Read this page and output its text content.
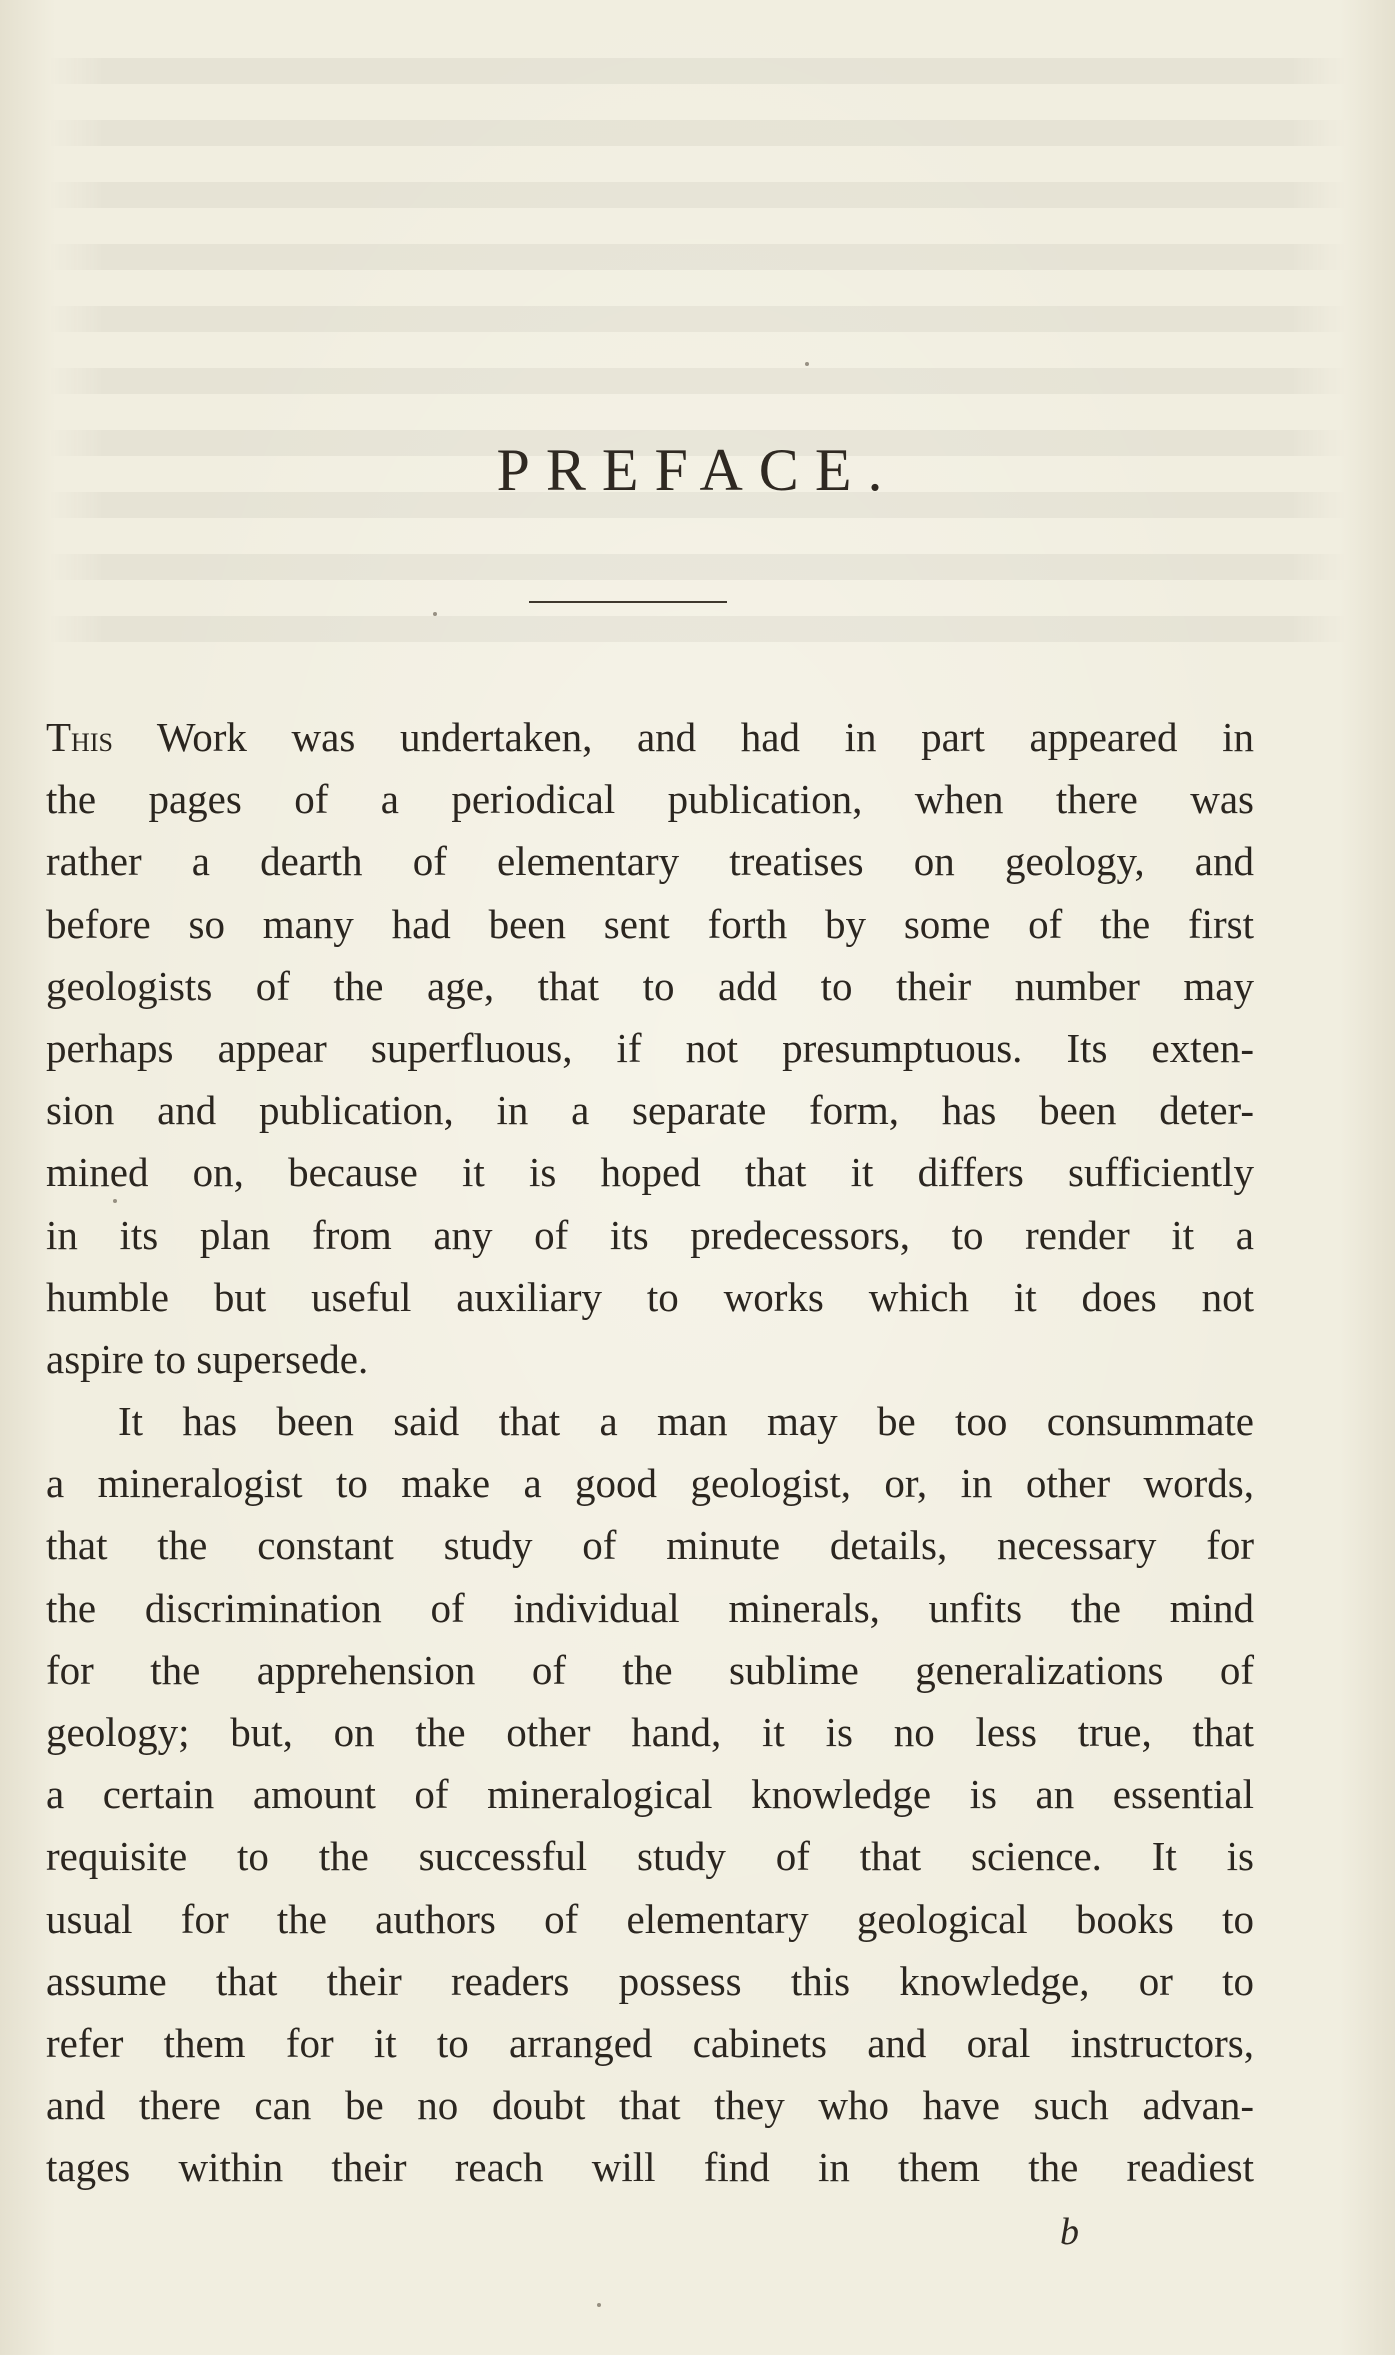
PREFACE.
This Work was undertaken, and had in part appeared in
the pages of a periodical publication, when there was
rather a dearth of elementary treatises on geology, and
before so many had been sent forth by some of the first
geologists of the age, that to add to their number may
perhaps appear superfluous, if not presumptuous. Its exten-
sion and publication, in a separate form, has been deter-
mined on, because it is hoped that it differs sufficiently
in its plan from any of its predecessors, to render it a
humble but useful auxiliary to works which it does not
aspire to supersede.
It has been said that a man may be too consummate
a mineralogist to make a good geologist, or, in other words,
that the constant study of minute details, necessary for
the discrimination of individual minerals, unfits the mind
for the apprehension of the sublime generalizations of
geology; but, on the other hand, it is no less true, that
a certain amount of mineralogical knowledge is an essential
requisite to the successful study of that science. It is
usual for the authors of elementary geological books to
assume that their readers possess this knowledge, or to
refer them for it to arranged cabinets and oral instructors,
and there can be no doubt that they who have such advan-
tages within their reach will find in them the readiest
b
